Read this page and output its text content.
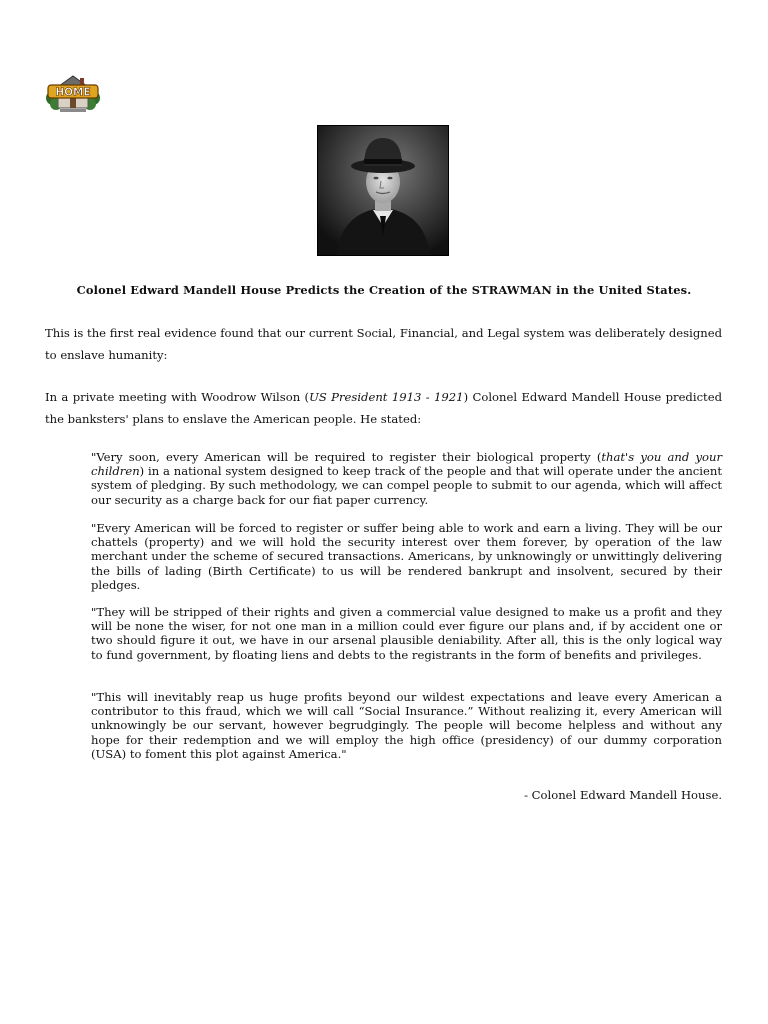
HOME

Colonel Edward Mandell House Predicts the Creation of the STRAWMAN in the United States.

This is the first real evidence found that our current Social, Financial, and Legal system was deliberately designed to enslave humanity:

In a private meeting with Woodrow Wilson (US President 1913 - 1921) Colonel Edward Mandell House predicted the banksters' plans to enslave the American people. He stated:

"Very soon, every American will be required to register their biological property (that's you and your children) in a national system designed to keep track of the people and that will operate under the ancient system of pledging. By such methodology, we can compel people to submit to our agenda, which will affect our security as a charge back for our fiat paper currency.

"Every American will be forced to register or suffer being able to work and earn a living. They will be our chattels (property) and we will hold the security interest over them forever, by operation of the law merchant under the scheme of secured transactions. Americans, by unknowingly or unwittingly delivering the bills of lading (Birth Certificate) to us will be rendered bankrupt and insolvent, secured by their pledges.

"They will be stripped of their rights and given a commercial value designed to make us a profit and they will be none the wiser, for not one man in a million could ever figure our plans and, if by accident one or two should figure it out, we have in our arsenal plausible deniability. After all, this is the only logical way to fund government, by floating liens and debts to the registrants in the form of benefits and privileges.

"This will inevitably reap us huge profits beyond our wildest expectations and leave every American a contributor to this fraud, which we will call “Social Insurance.” Without realizing it, every American will unknowingly be our servant, however begrudgingly. The people will become helpless and without any hope for their redemption and we will employ the high office (presidency) of our dummy corporation (USA) to foment this plot against America."

- Colonel Edward Mandell House.
